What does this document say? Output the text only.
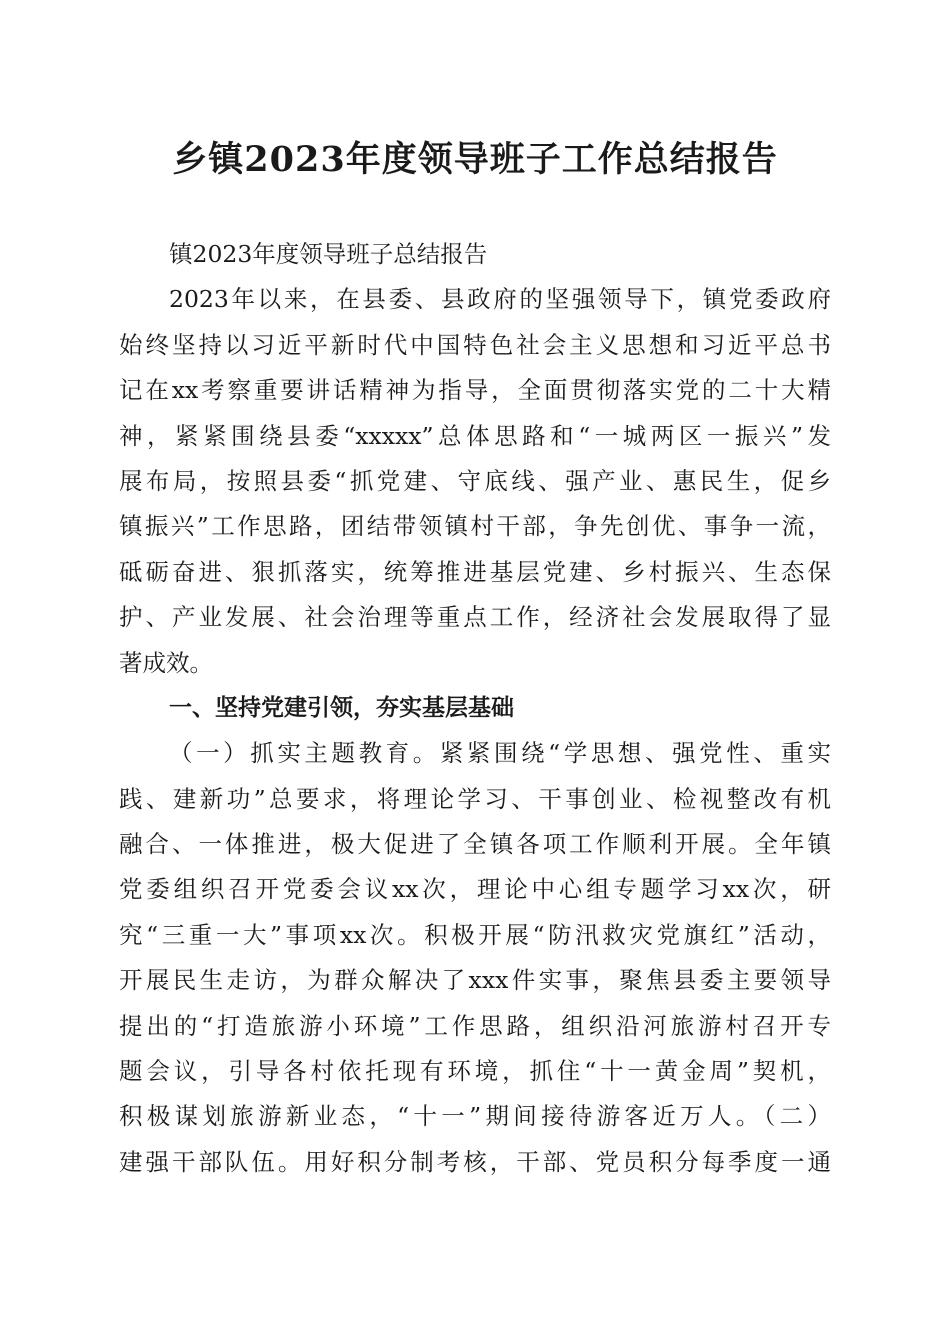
乡镇2023年度领导班子工作总结报告
镇2023年度领导班子总结报告
2023年以来，在县委、县政府的坚强领导下，镇党委政府
始终坚持以习近平新时代中国特色社会主义思想和习近平总书
记在xx考察重要讲话精神为指导，全面贯彻落实党的二十大精
神，紧紧围绕县委“xxxxx”总体思路和“一城两区一振兴”发
展布局，按照县委“抓党建、守底线、强产业、惠民生，促乡
镇振兴”工作思路，团结带领镇村干部，争先创优、事争一流，
砥砺奋进、狠抓落实，统筹推进基层党建、乡村振兴、生态保
护、产业发展、社会治理等重点工作，经济社会发展取得了显
著成效。
一、坚持党建引领，夯实基层基础
（一）抓实主题教育。紧紧围绕“学思想、强党性、重实
践、建新功”总要求，将理论学习、干事创业、检视整改有机
融合、一体推进，极大促进了全镇各项工作顺利开展。全年镇
党委组织召开党委会议xx次，理论中心组专题学习xx次，研
究“三重一大”事项xx次。积极开展“防汛救灾党旗红”活动，
开展民生走访，为群众解决了xxx件实事，聚焦县委主要领导
提出的“打造旅游小环境”工作思路，组织沿河旅游村召开专
题会议，引导各村依托现有环境，抓住“十一黄金周”契机，
积极谋划旅游新业态，“十一”期间接待游客近万人。（二）
建强干部队伍。用好积分制考核，干部、党员积分每季度一通
